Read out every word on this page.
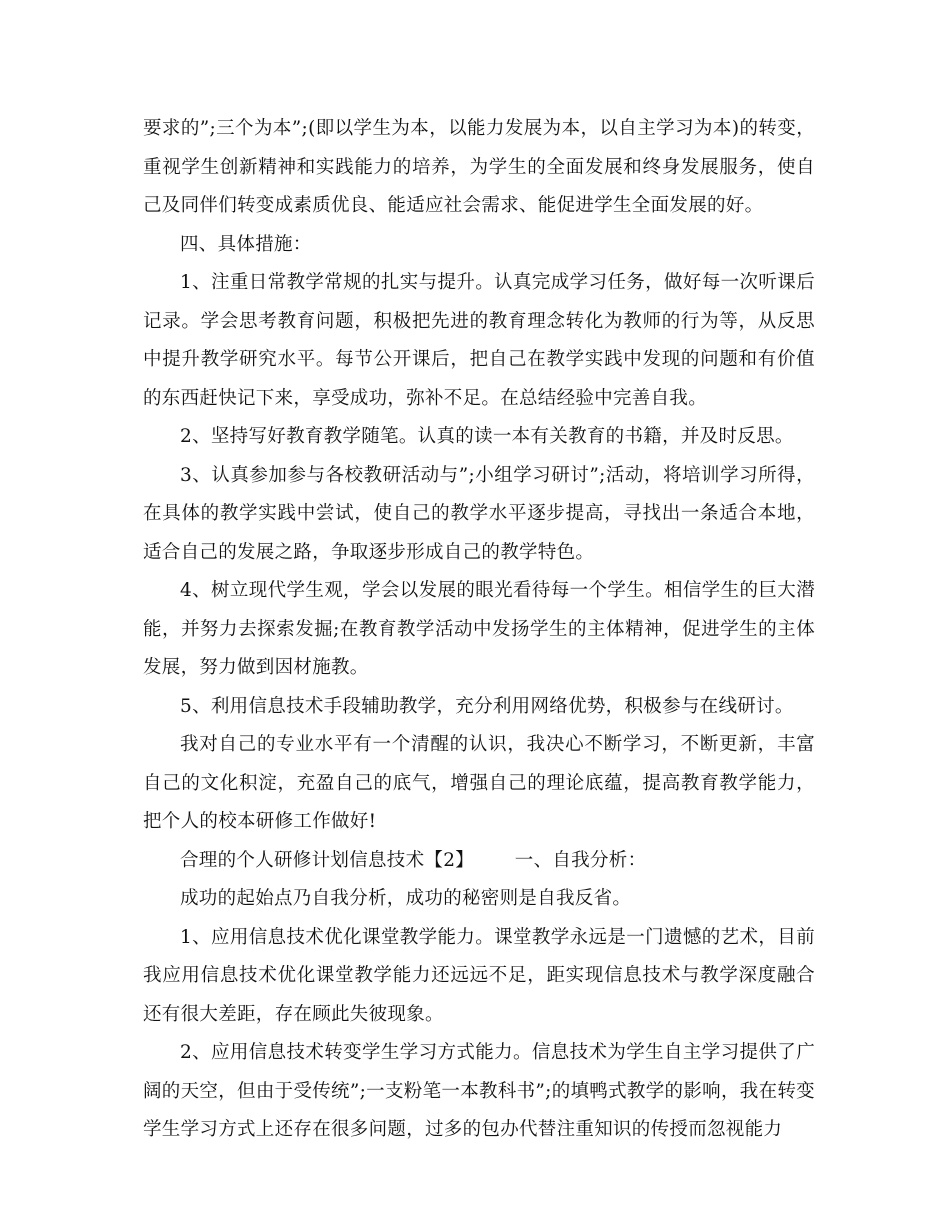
要求的”;三个为本”;(即以学生为本，以能力发展为本，以自主学习为本)的转变，重视学生创新精神和实践能力的培养，为学生的全面发展和终身发展服务，使自己及同伴们转变成素质优良、能适应社会需求、能促进学生全面发展的好。

四、具体措施：

1、注重日常教学常规的扎实与提升。认真完成学习任务，做好每一次听课后记录。学会思考教育问题，积极把先进的教育理念转化为教师的行为等，从反思中提升教学研究水平。每节公开课后，把自己在教学实践中发现的问题和有价值的东西赶快记下来，享受成功，弥补不足。在总结经验中完善自我。

2、坚持写好教育教学随笔。认真的读一本有关教育的书籍，并及时反思。

3、认真参加参与各校教研活动与”;小组学习研讨”;活动，将培训学习所得，在具体的教学实践中尝试，使自己的教学水平逐步提高，寻找出一条适合本地，适合自己的发展之路，争取逐步形成自己的教学特色。

4、树立现代学生观，学会以发展的眼光看待每一个学生。相信学生的巨大潜能，并努力去探索发掘;在教育教学活动中发扬学生的主体精神，促进学生的主体发展，努力做到因材施教。

5、利用信息技术手段辅助教学，充分利用网络优势，积极参与在线研讨。

我对自己的专业水平有一个清醒的认识，我决心不断学习，不断更新，丰富自己的文化积淀，充盈自己的底气，增强自己的理论底蕴，提高教育教学能力，把个人的校本研修工作做好!

合理的个人研修计划信息技术【2】 一、自我分析：

成功的起始点乃自我分析，成功的秘密则是自我反省。

1、应用信息技术优化课堂教学能力。课堂教学永远是一门遗憾的艺术，目前我应用信息技术优化课堂教学能力还远远不足，距实现信息技术与教学深度融合还有很大差距，存在顾此失彼现象。

2、应用信息技术转变学生学习方式能力。信息技术为学生自主学习提供了广阔的天空，但由于受传统”;一支粉笔一本教科书”;的填鸭式教学的影响，我在转变学生学习方式上还存在很多问题，过多的包办代替注重知识的传授而忽视能力
